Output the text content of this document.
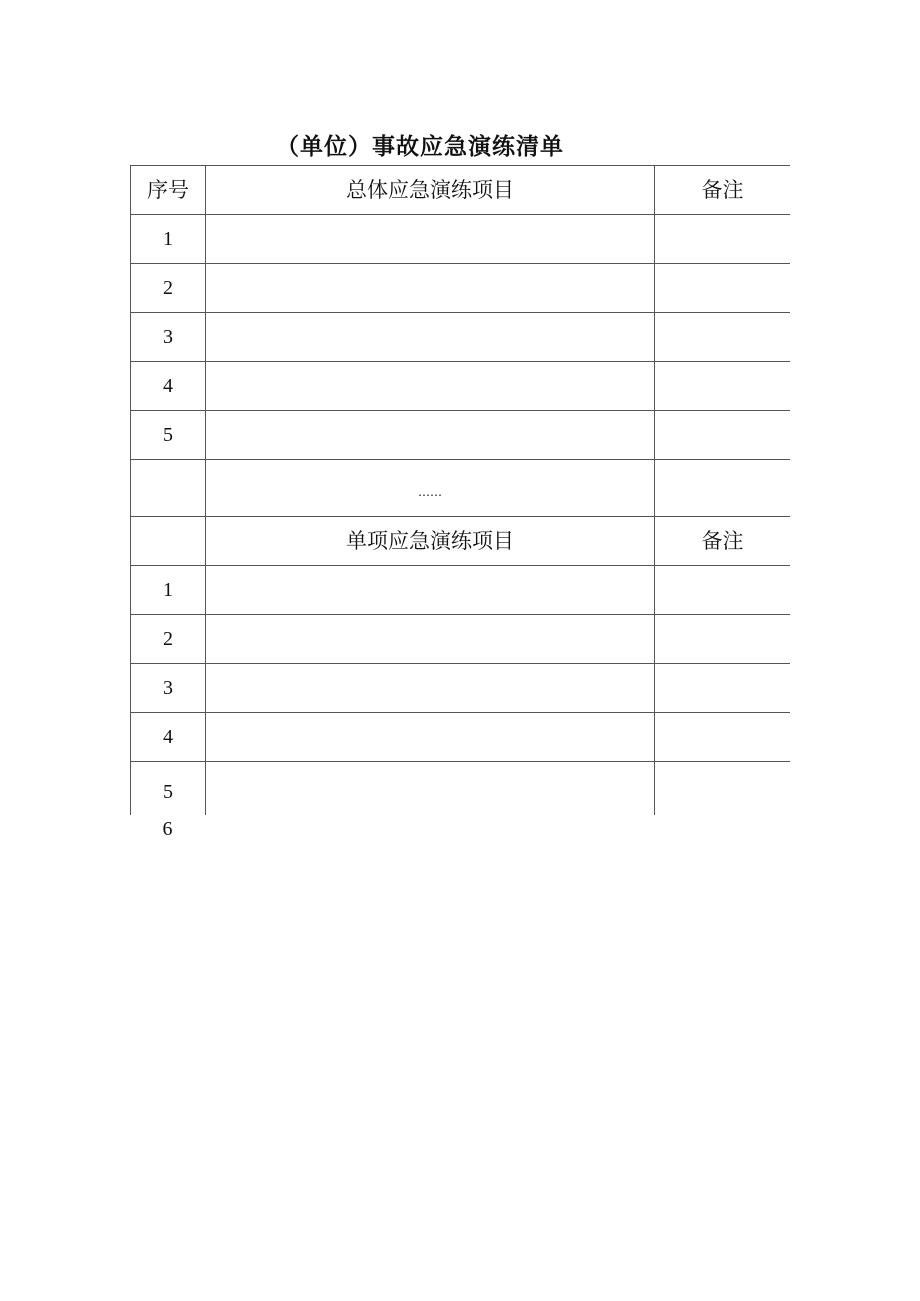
（单位）事故应急演练清单
序号	总体应急演练项目	备注
1		
2		
3		
4		
5		
	……	
	单项应急演练项目	备注
1		
2		
3		
4		
5		
6
